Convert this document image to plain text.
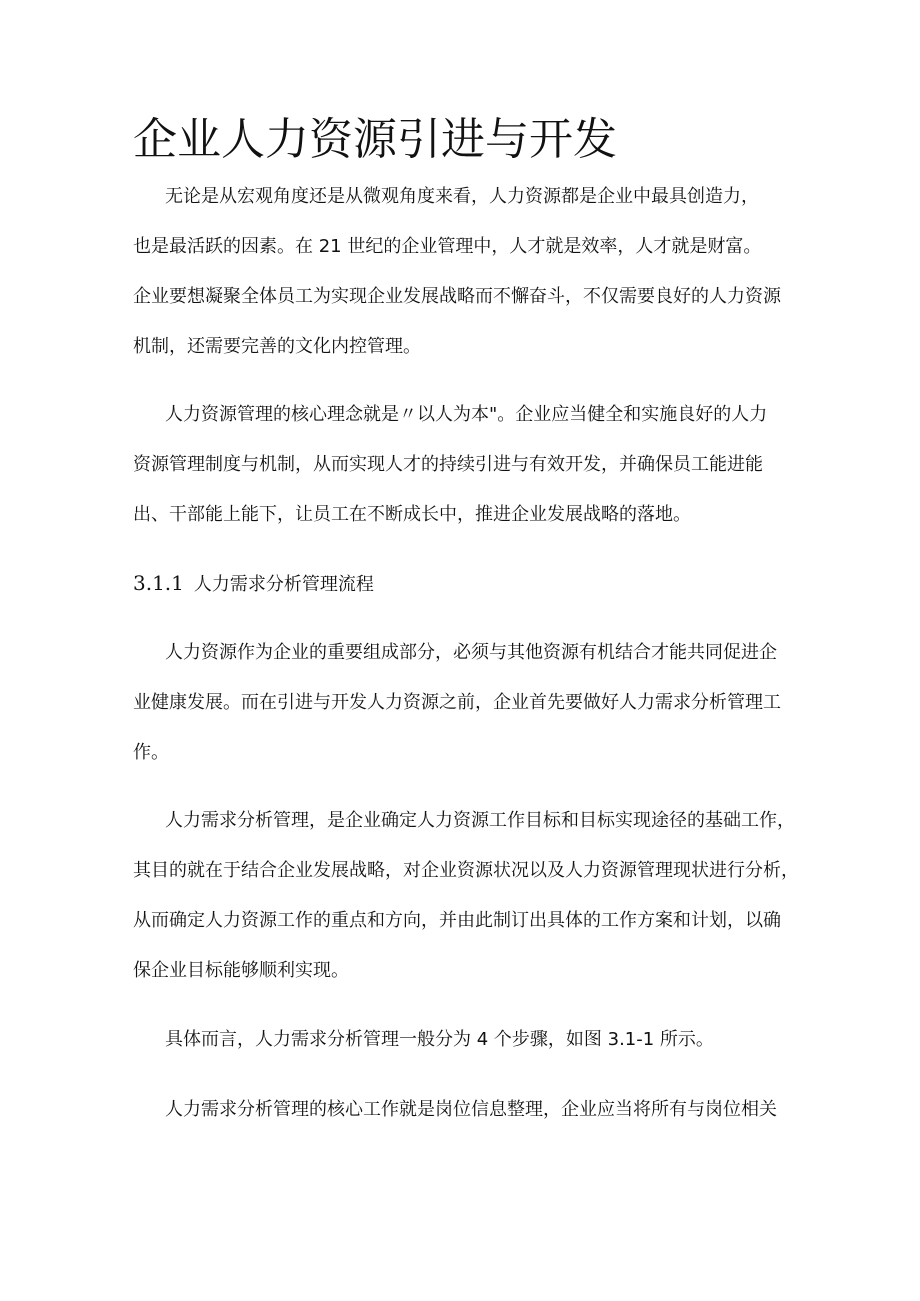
企业人力资源引进与开发
无论是从宏观角度还是从微观角度来看，人力资源都是企业中最具创造力，
也是最活跃的因素。在 21 世纪的企业管理中，人才就是效率，人才就是财富。
企业要想凝聚全体员工为实现企业发展战略而不懈奋斗，不仅需要良好的人力资源
机制，还需要完善的文化内控管理。
人力资源管理的核心理念就是〃以人为本"。企业应当健全和实施良好的人力
资源管理制度与机制，从而实现人才的持续引进与有效开发，并确保员工能进能
出、干部能上能下，让员工在不断成长中，推进企业发展战略的落地。
3.1.1 人力需求分析管理流程
人力资源作为企业的重要组成部分，必须与其他资源有机结合才能共同促进企
业健康发展。而在引进与开发人力资源之前，企业首先要做好人力需求分析管理工
作。
人力需求分析管理，是企业确定人力资源工作目标和目标实现途径的基础工作，
其目的就在于结合企业发展战略，对企业资源状况以及人力资源管理现状进行分析，
从而确定人力资源工作的重点和方向，并由此制订出具体的工作方案和计划，以确
保企业目标能够顺利实现。
具体而言，人力需求分析管理一般分为 4 个步骤，如图 3.1-1 所示。
人力需求分析管理的核心工作就是岗位信息整理，企业应当将所有与岗位相关
